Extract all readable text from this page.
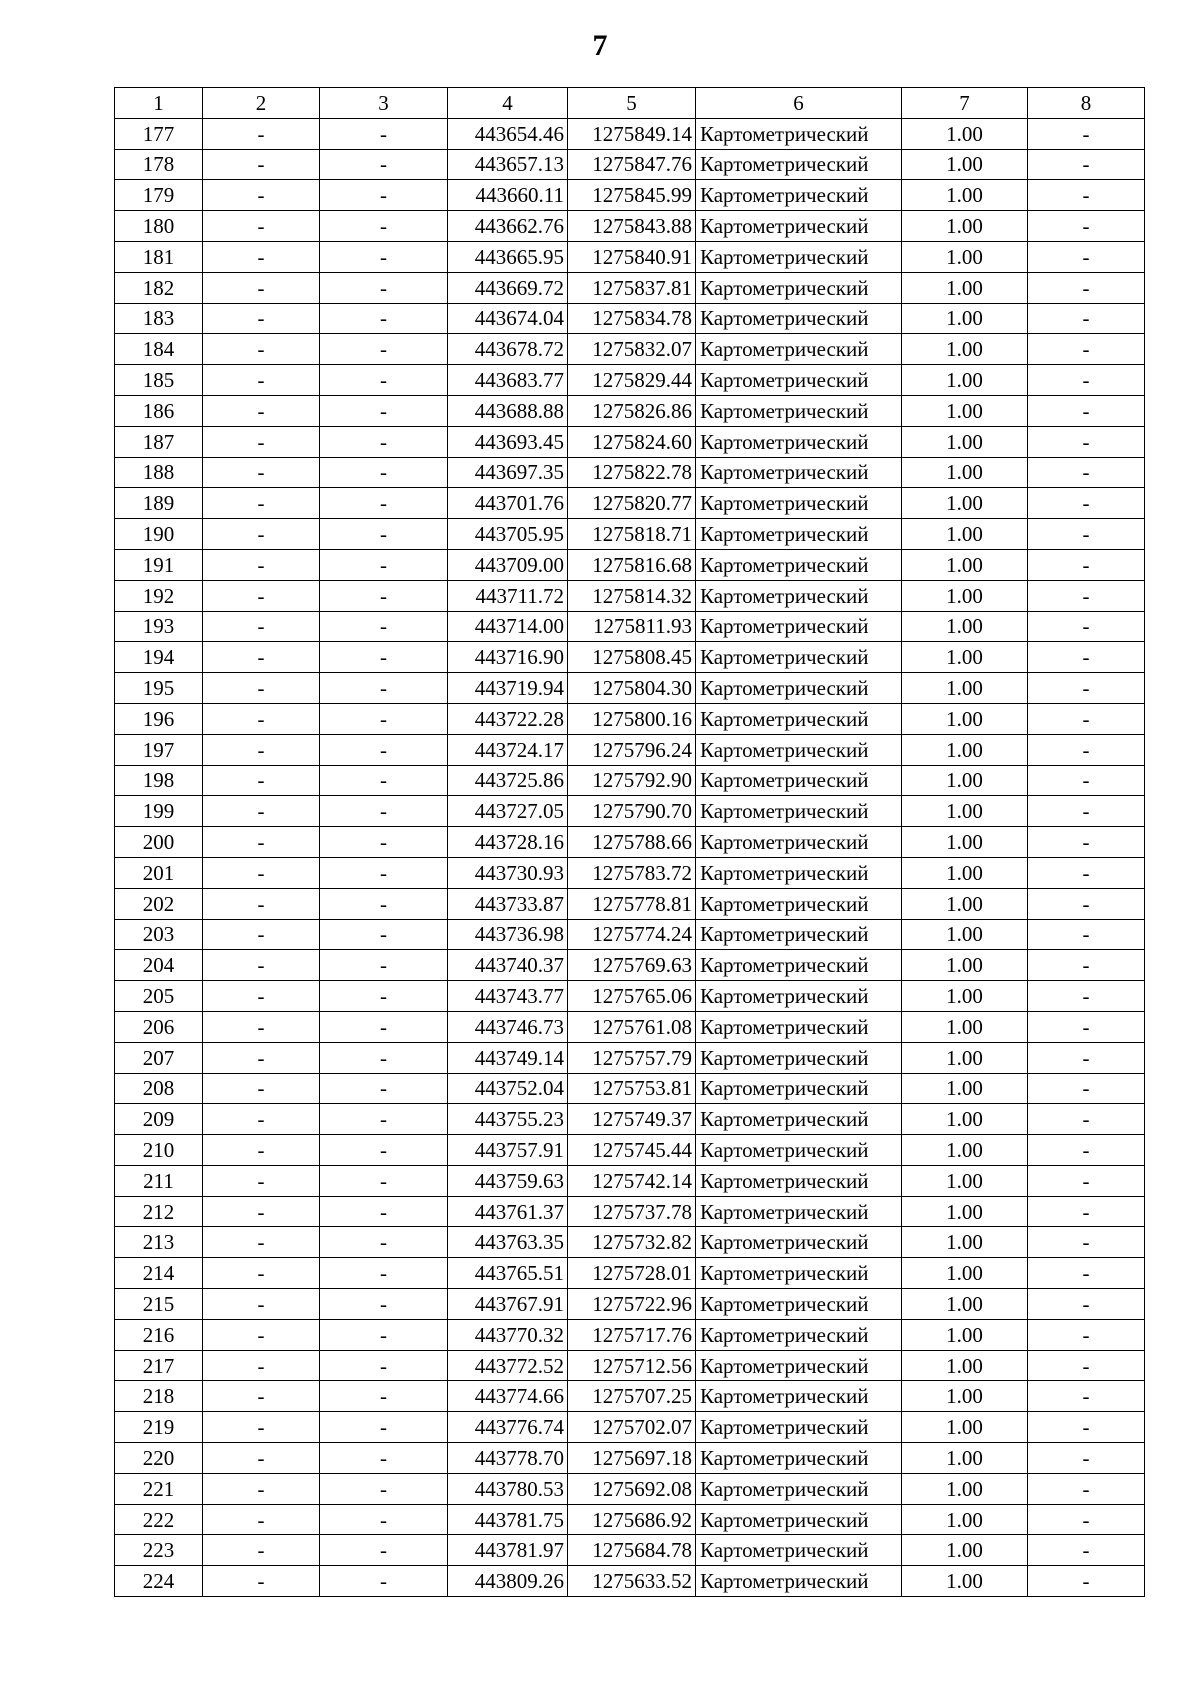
7
1	2	3	4	5	6	7	8
177	-	-	443654.46	1275849.14	Картометрический	1.00	-
178	-	-	443657.13	1275847.76	Картометрический	1.00	-
179	-	-	443660.11	1275845.99	Картометрический	1.00	-
180	-	-	443662.76	1275843.88	Картометрический	1.00	-
181	-	-	443665.95	1275840.91	Картометрический	1.00	-
182	-	-	443669.72	1275837.81	Картометрический	1.00	-
183	-	-	443674.04	1275834.78	Картометрический	1.00	-
184	-	-	443678.72	1275832.07	Картометрический	1.00	-
185	-	-	443683.77	1275829.44	Картометрический	1.00	-
186	-	-	443688.88	1275826.86	Картометрический	1.00	-
187	-	-	443693.45	1275824.60	Картометрический	1.00	-
188	-	-	443697.35	1275822.78	Картометрический	1.00	-
189	-	-	443701.76	1275820.77	Картометрический	1.00	-
190	-	-	443705.95	1275818.71	Картометрический	1.00	-
191	-	-	443709.00	1275816.68	Картометрический	1.00	-
192	-	-	443711.72	1275814.32	Картометрический	1.00	-
193	-	-	443714.00	1275811.93	Картометрический	1.00	-
194	-	-	443716.90	1275808.45	Картометрический	1.00	-
195	-	-	443719.94	1275804.30	Картометрический	1.00	-
196	-	-	443722.28	1275800.16	Картометрический	1.00	-
197	-	-	443724.17	1275796.24	Картометрический	1.00	-
198	-	-	443725.86	1275792.90	Картометрический	1.00	-
199	-	-	443727.05	1275790.70	Картометрический	1.00	-
200	-	-	443728.16	1275788.66	Картометрический	1.00	-
201	-	-	443730.93	1275783.72	Картометрический	1.00	-
202	-	-	443733.87	1275778.81	Картометрический	1.00	-
203	-	-	443736.98	1275774.24	Картометрический	1.00	-
204	-	-	443740.37	1275769.63	Картометрический	1.00	-
205	-	-	443743.77	1275765.06	Картометрический	1.00	-
206	-	-	443746.73	1275761.08	Картометрический	1.00	-
207	-	-	443749.14	1275757.79	Картометрический	1.00	-
208	-	-	443752.04	1275753.81	Картометрический	1.00	-
209	-	-	443755.23	1275749.37	Картометрический	1.00	-
210	-	-	443757.91	1275745.44	Картометрический	1.00	-
211	-	-	443759.63	1275742.14	Картометрический	1.00	-
212	-	-	443761.37	1275737.78	Картометрический	1.00	-
213	-	-	443763.35	1275732.82	Картометрический	1.00	-
214	-	-	443765.51	1275728.01	Картометрический	1.00	-
215	-	-	443767.91	1275722.96	Картометрический	1.00	-
216	-	-	443770.32	1275717.76	Картометрический	1.00	-
217	-	-	443772.52	1275712.56	Картометрический	1.00	-
218	-	-	443774.66	1275707.25	Картометрический	1.00	-
219	-	-	443776.74	1275702.07	Картометрический	1.00	-
220	-	-	443778.70	1275697.18	Картометрический	1.00	-
221	-	-	443780.53	1275692.08	Картометрический	1.00	-
222	-	-	443781.75	1275686.92	Картометрический	1.00	-
223	-	-	443781.97	1275684.78	Картометрический	1.00	-
224	-	-	443809.26	1275633.52	Картометрический	1.00	-
